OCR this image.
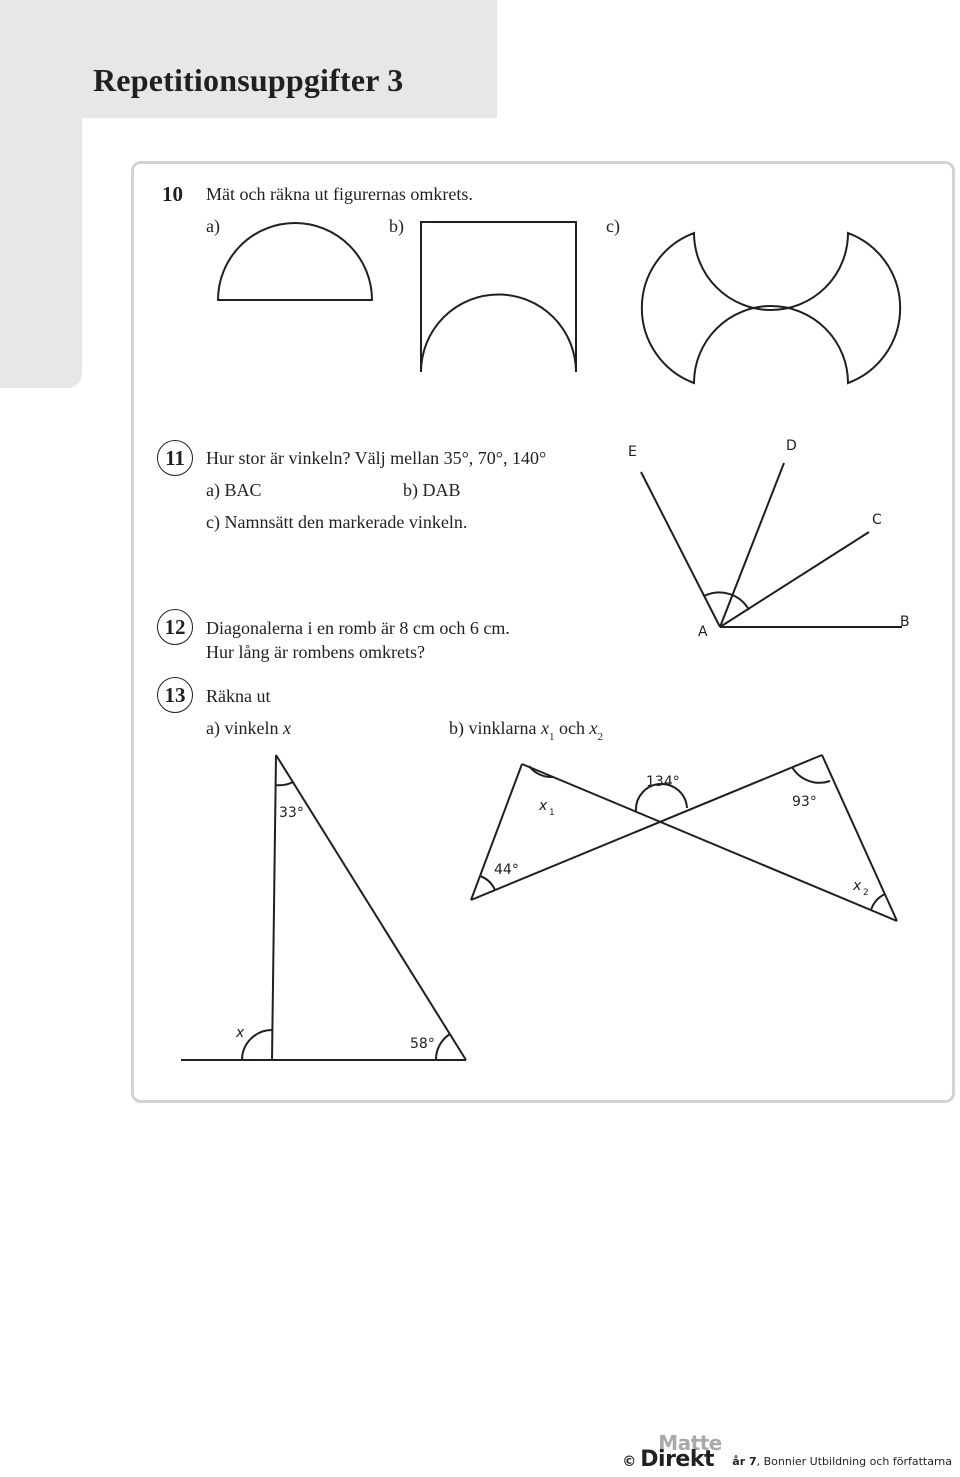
Repetitionsuppgifter 3
10 Mät och räkna ut figurernas omkrets.
a)	b)	c)
11	Hur stor är vinkeln? Välj mellan 35°, 70°, 140°
a) BAC	b) DAB
c) Namnsätt den markerade vinkeln.
12	Diagonalerna i en romb är 8 cm och 6 cm.
Hur lång är rombens omkrets?
13	Räkna ut
a) vinkeln x	b) vinklarna $x_1$ och $x_2$
E	D
C
A
B
33°
x
58°
134°
x 1
93°
44°
x 2
©
Matte
Direkt år 7, Bonnier Utbildning och författarna
